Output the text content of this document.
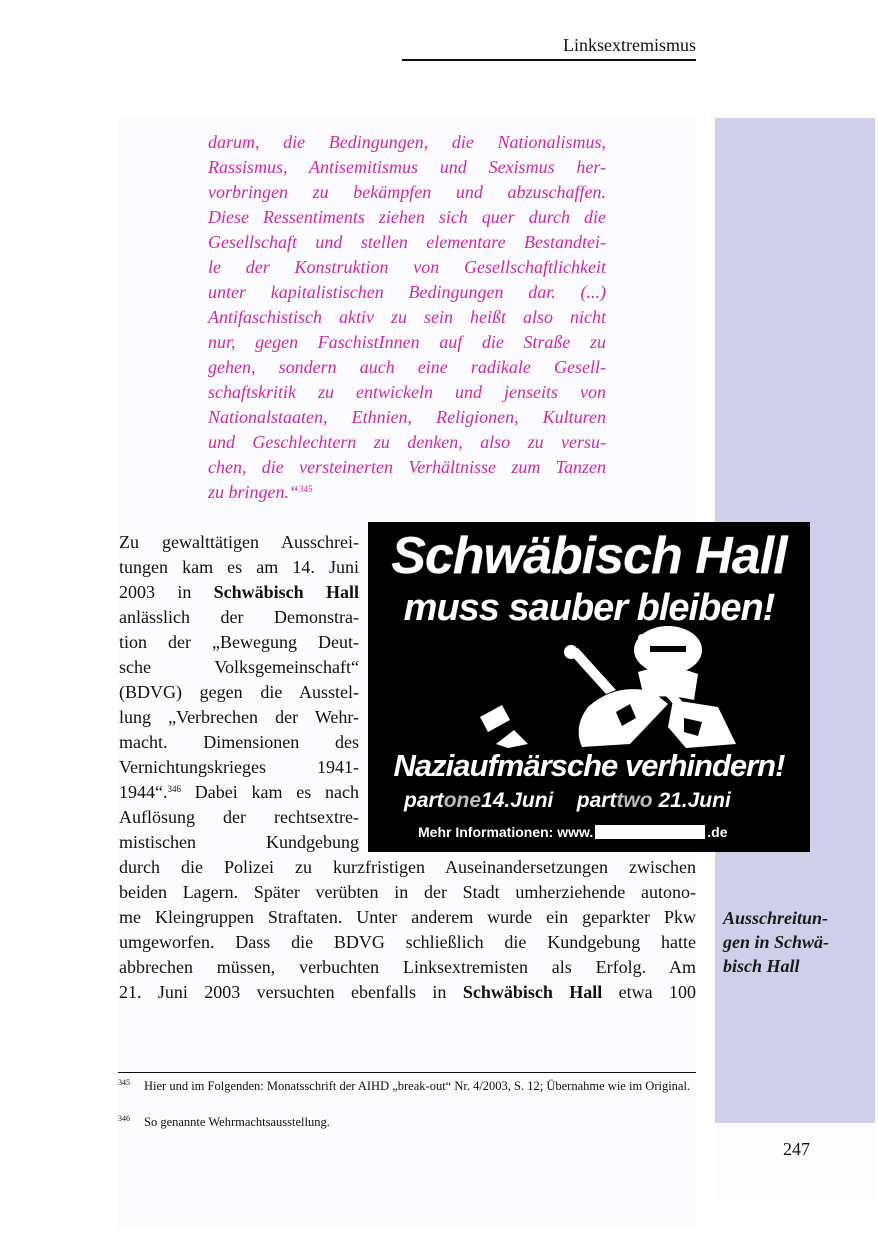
Linksextremismus
darum, die Bedingungen, die Nationalismus,
Rassismus, Antisemitismus und Sexismus her-
vorbringen zu bekämpfen und abzuschaffen.
Diese Ressentiments ziehen sich quer durch die
Gesellschaft und stellen elementare Bestandtei-
le der Konstruktion von Gesellschaftlichkeit
unter kapitalistischen Bedingungen dar. (...)
Antifaschistisch aktiv zu sein heißt also nicht
nur, gegen FaschistInnen auf die Straße zu
gehen, sondern auch eine radikale Gesell-
schaftskritik zu entwickeln und jenseits von
Nationalstaaten, Ethnien, Religionen, Kulturen
und Geschlechtern zu denken, also zu versu-
chen, die versteinerten Verhältnisse zum Tanzen
zu bringen.“$^{345}$
Zu gewalttätigen Ausschrei-
tungen kam es am 14. Juni
2003 in Schwäbisch Hall
anlässlich der Demonstra-
tion der „Bewegung Deut-
sche Volksgemeinschaft“
(BDVG) gegen die Ausstel-
lung „Verbrechen der Wehr-
macht. Dimensionen des
Vernichtungskrieges 1941-
1944“.$^{346}$ Dabei kam es nach
Auflösung der rechtsextre-
mistischen Kundgebung
durch die Polizei zu kurzfristigen Auseinandersetzungen zwischen
beiden Lagern. Später verübten in der Stadt umherziehende autono-
me Kleingruppen Straftaten. Unter anderem wurde ein geparkter Pkw
umgeworfen. Dass die BDVG schließlich die Kundgebung hatte
abbrechen müssen, verbuchten Linksextremisten als Erfolg. Am
21. Juni 2003 versuchten ebenfalls in Schwäbisch Hall etwa 100
Schwäbisch Hall
muss sauber bleiben!
Naziaufmärsche verhindern!
partone14.Juni parttwo 21.Juni
Mehr Informationen: www.	.de
Ausschreitun-
gen in Schwä-
bisch Hall
345 Hier und im Folgenden: Monatsschrift der AIHD „break-out“ Nr. 4/2003, S. 12; Übernahme wie im Original.
346 So genannte Wehrmachtsausstellung.
247
